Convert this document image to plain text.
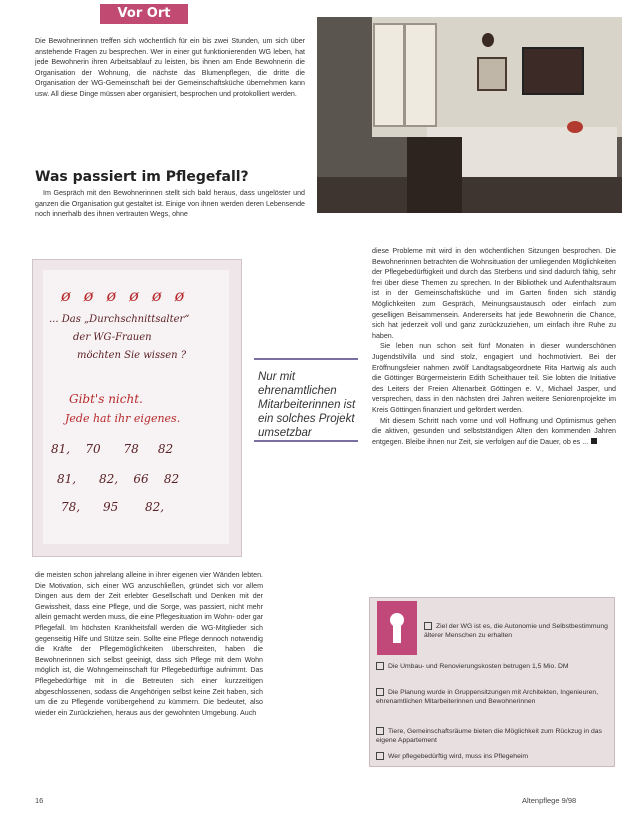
Vor Ort

Die Bewohnerinnen treffen sich wöchentlich für ein bis zwei Stunden, um sich über anstehende Fragen zu besprechen. Wer in einer gut funktionierenden WG leben, hat jede Bewohnerin ihren Arbeitsablauf zu leisten, bis ihnen am Ende Bewohnerin die Organisation der Wohnung, die nächste das Blumenpflegen, die dritte die Organisation der WG-Gemeinschaft bei der Gemeinschaftsküche übernehmen kann usw. All diese Dinge müssen aber organisiert, besprochen und protokolliert werden.

Was passiert im Pflegefall?

Im Gespräch mit den Bewohnerinnen stellt sich bald heraus, dass ungelöster und ganzen die Organisation gut gestaltet ist. Einige von ihnen werden deren Lebensende noch innerhalb des ihnen vertrauten Wegs, ohne

ø ø ø ø ø ø
... Das „Durchschnittsalter“
der WG-Frauen
möchten Sie wissen ?
Gibt's nicht.
Jede hat ihr eigenes.
81, 70 78 82
81, 82, 66 82
78, 95 82,
Nur mit ehrenamtlichen Mitarbeiterinnen ist ein solches Projekt umsetzbar

diese Probleme mit wird in den wöchentlichen Sitzungen besprochen. Die Bewohnerinnen betrachten die Wohnsituation der umliegenden Möglichkeiten der Pflegebedürftigkeit und durch das Sterbens und sind dadurch fähig, sehr frei über diese Themen zu sprechen. In der Bibliothek und Aufenthaltsraum ist in der Gemeinschaftsküche und im Garten finden sich ständig Möglichkeiten zum Gespräch, Meinungsaustausch oder einfach zum geselligen Beisammensein. Andererseits hat jede Bewohnerin die Chance, sich hat jederzeit voll und ganz zurückzuziehen, um einfach ihre Ruhe zu haben.

Sie leben nun schon seit fünf Monaten in dieser wunderschönen Jugendstilvilla und sind stolz, engagiert und hochmotiviert. Bei der Eröffnungsfeier nahmen zwölf Landtagsabgeordnete Rita Hartwig als auch die Göttinger Bürgermeisterin Edith Scheithauer teil. Sie lobten die Initiative des Leiters der Freien Altenarbeit Göttingen e. V., Michael Jasper, und versprechen, dass in den nächsten drei Jahren weitere Seniorenprojekte im Kreis Göttingen finanziert und gefördert werden.

Mit diesem Schritt nach vorne und voll Hoffnung und Optimismus gehen die aktiven, gesunden und selbstständigen Alten den kommenden Jahren entgegen. Bleibe ihnen nur Zeit, sie verfolgen auf die Dauer, ob es ...

die meisten schon jahrelang alleine in ihrer eigenen vier Wänden lebten. Die Motivation, sich einer WG anzuschließen, gründet sich vor allem Dingen aus dem der Zeit erlebter Gesellschaft und Denken mit der Gewissheit, dass eine Pflege, und die Sorge, was passiert, nicht mehr allein gemacht werden muss, die eine Pflegesituation im Wohn- oder gar Pflegefall. Im höchsten Krankheitsfall werden die WG-Mitglieder sich gegenseitig Hilfe und Stütze sein. Sollte eine Pflege dennoch notwendig die Kräfte der Pflegemöglichkeiten überschreiten, haben die Bewohnerinnen sich selbst geeinigt, dass sich Pflege mit dem Wohn möglich ist, die Wohngemeinschaft für Pflegebedürftige aufnimmt. Das Pflegebedürftige mit in die Betreuten sich einer kurzzeitigen abgeschlossenen, sodass die Angehörigen selbst keine Zeit haben, sich um die zu Pflegende vorübergehend zu kümmern. Die bedeutet, also wieder ein Zurückziehen, heraus aus der gewohnten Umgebung. Auch

Ziel der WG ist es, die Autonomie und Selbstbestimmung älterer Menschen zu erhalten
Die Umbau- und Renovierungskosten betrugen 1,5 Mio. DM
Die Planung wurde in Gruppensitzungen mit Architekten, Ingenieuren, ehrenamtlichen Mitarbeiterinnen und Bewohnerinnen
Tiere, Gemeinschaftsräume bieten die Möglichkeit zum Rückzug in das eigene Appartement
Wer pflegebedürftig wird, muss ins Pflegeheim
16	Altenpflege 9/98
